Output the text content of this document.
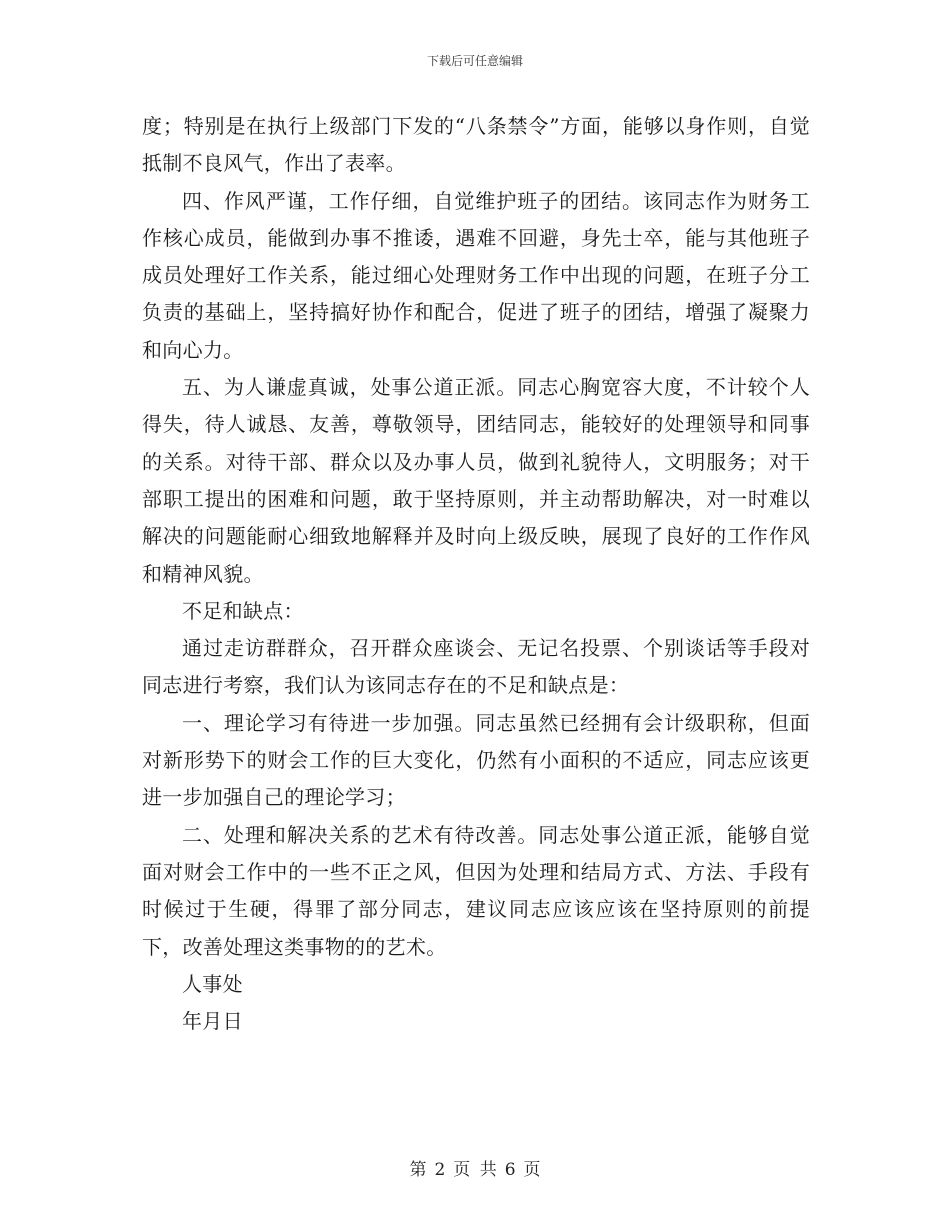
下载后可任意编辑

度；特别是在执行上级部门下发的“八条禁令”方面，能够以身作则，自觉抵制不良风气，作出了表率。

四、作风严谨，工作仔细，自觉维护班子的团结。该同志作为财务工作核心成员，能做到办事不推诿，遇难不回避，身先士卒，能与其他班子成员处理好工作关系，能过细心处理财务工作中出现的问题，在班子分工负责的基础上，坚持搞好协作和配合，促进了班子的团结，增强了凝聚力和向心力。

五、为人谦虚真诚，处事公道正派。同志心胸宽容大度，不计较个人得失，待人诚恳、友善，尊敬领导，团结同志，能较好的处理领导和同事的关系。对待干部、群众以及办事人员，做到礼貌待人，文明服务；对干部职工提出的困难和问题，敢于坚持原则，并主动帮助解决，对一时难以解决的问题能耐心细致地解释并及时向上级反映，展现了良好的工作作风和精神风貌。

不足和缺点：

通过走访群群众，召开群众座谈会、无记名投票、个别谈话等手段对同志进行考察，我们认为该同志存在的不足和缺点是：

一、理论学习有待进一步加强。同志虽然已经拥有会计级职称，但面对新形势下的财会工作的巨大变化，仍然有小面积的不适应，同志应该更进一步加强自己的理论学习；

二、处理和解决关系的艺术有待改善。同志处事公道正派，能够自觉面对财会工作中的一些不正之风，但因为处理和结局方式、方法、手段有时候过于生硬，得罪了部分同志，建议同志应该应该在坚持原则的前提下，改善处理这类事物的的艺术。

人事处

年月日

第 2 页 共 6 页
